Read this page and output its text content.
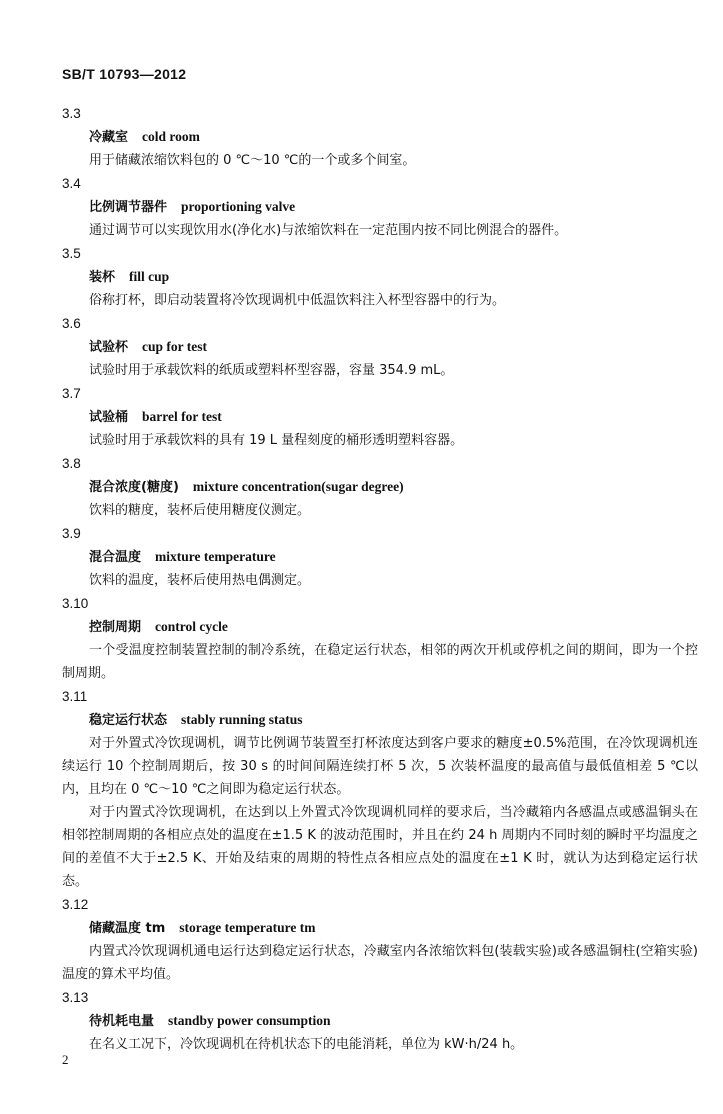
SB/T 10793—2012

3.3

冷藏室 cold room

用于储藏浓缩饮料包的 0 ℃～10 ℃的一个或多个间室。

3.4

比例调节器件 proportioning valve

通过调节可以实现饮用水(净化水)与浓缩饮料在一定范围内按不同比例混合的器件。

3.5

装杯 fill cup

俗称打杯，即启动装置将冷饮现调机中低温饮料注入杯型容器中的行为。

3.6

试验杯 cup for test

试验时用于承载饮料的纸质或塑料杯型容器，容量 354.9 mL。

3.7

试验桶 barrel for test

试验时用于承载饮料的具有 19 L 量程刻度的桶形透明塑料容器。

3.8

混合浓度(糖度) mixture concentration(sugar degree)

饮料的糖度，装杯后使用糖度仪测定。

3.9

混合温度 mixture temperature

饮料的温度，装杯后使用热电偶测定。

3.10

控制周期 control cycle

一个受温度控制装置控制的制冷系统，在稳定运行状态，相邻的两次开机或停机之间的期间，即为一个控制周期。

3.11

稳定运行状态 stably running status

对于外置式冷饮现调机，调节比例调节装置至打杯浓度达到客户要求的糖度±0.5%范围，在冷饮现调机连续运行 10 个控制周期后，按 30 s 的时间间隔连续打杯 5 次，5 次装杯温度的最高值与最低值相差 5 ℃以内，且均在 0 ℃～10 ℃之间即为稳定运行状态。

对于内置式冷饮现调机，在达到以上外置式冷饮现调机同样的要求后，当冷藏箱内各感温点或感温铜头在相邻控制周期的各相应点处的温度在±1.5 K 的波动范围时，并且在约 24 h 周期内不同时刻的瞬时平均温度之间的差值不大于±2.5 K、开始及结束的周期的特性点各相应点处的温度在±1 K 时，就认为达到稳定运行状态。

3.12

储藏温度 tm storage temperature tm

内置式冷饮现调机通电运行达到稳定运行状态，冷藏室内各浓缩饮料包(装载实验)或各感温铜柱(空箱实验)温度的算术平均值。

3.13

待机耗电量 standby power consumption

在名义工况下，冷饮现调机在待机状态下的电能消耗，单位为 kW·h/24 h。

2
